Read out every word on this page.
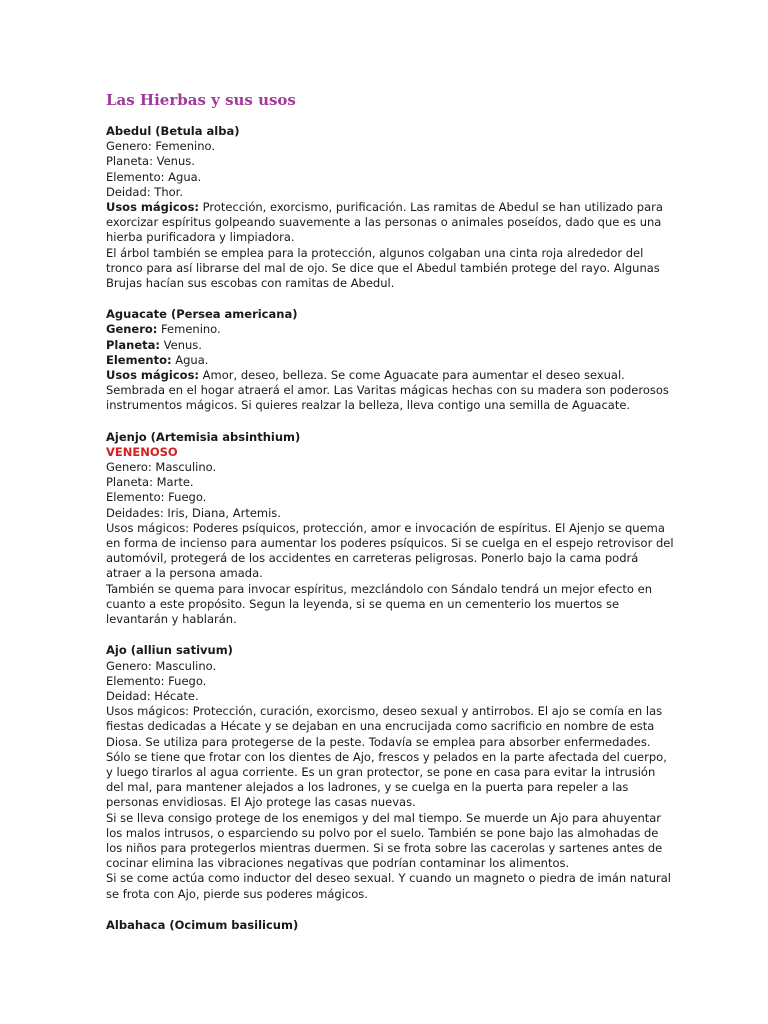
Las Hierbas y sus usos
Abedul (Betula alba)
Genero: Femenino.
Planeta: Venus.
Elemento: Agua.
Deidad: Thor.
Usos mágicos: Protección, exorcismo, purificación. Las ramitas de Abedul se han utilizado para
exorcizar espíritus golpeando suavemente a las personas o animales poseídos, dado que es una
hierba purificadora y limpiadora.
El árbol también se emplea para la protección, algunos colgaban una cinta roja alrededor del
tronco para así librarse del mal de ojo. Se dice que el Abedul también protege del rayo. Algunas
Brujas hacían sus escobas con ramitas de Abedul.
Aguacate (Persea americana)
Genero: Femenino.
Planeta: Venus.
Elemento: Agua.
Usos mágicos: Amor, deseo, belleza. Se come Aguacate para aumentar el deseo sexual.
Sembrada en el hogar atraerá el amor. Las Varitas mágicas hechas con su madera son poderosos
instrumentos mágicos. Si quieres realzar la belleza, lleva contigo una semilla de Aguacate.
Ajenjo (Artemisia absinthium)
VENENOSO
Genero: Masculino.
Planeta: Marte.
Elemento: Fuego.
Deidades: Iris, Diana, Artemis.
Usos mágicos: Poderes psíquicos, protección, amor e invocación de espíritus. El Ajenjo se quema
en forma de incienso para aumentar los poderes psíquicos. Si se cuelga en el espejo retrovisor del
automóvil, protegerá de los accidentes en carreteras peligrosas. Ponerlo bajo la cama podrá
atraer a la persona amada.
También se quema para invocar espíritus, mezclándolo con Sándalo tendrá un mejor efecto en
cuanto a este propósito. Segun la leyenda, si se quema en un cementerio los muertos se
levantarán y hablarán.
Ajo (alliun sativum)
Genero: Masculino.
Elemento: Fuego.
Deidad: Hécate.
Usos mágicos: Protección, curación, exorcismo, deseo sexual y antirrobos. El ajo se comía en las
fiestas dedicadas a Hécate y se dejaban en una encrucijada como sacrificio en nombre de esta
Diosa. Se utiliza para protegerse de la peste. Todavía se emplea para absorber enfermedades.
Sólo se tiene que frotar con los dientes de Ajo, frescos y pelados en la parte afectada del cuerpo,
y luego tirarlos al agua corriente. Es un gran protector, se pone en casa para evitar la intrusión
del mal, para mantener alejados a los ladrones, y se cuelga en la puerta para repeler a las
personas envidiosas. El Ajo protege las casas nuevas.
Si se lleva consigo protege de los enemigos y del mal tiempo. Se muerde un Ajo para ahuyentar
los malos intrusos, o esparciendo su polvo por el suelo. También se pone bajo las almohadas de
los niños para protegerlos mientras duermen. Si se frota sobre las cacerolas y sartenes antes de
cocinar elimina las vibraciones negativas que podrían contaminar los alimentos.
Si se come actúa como inductor del deseo sexual. Y cuando un magneto o piedra de imán natural
se frota con Ajo, pierde sus poderes mágicos.
Albahaca (Ocimum basilicum)
